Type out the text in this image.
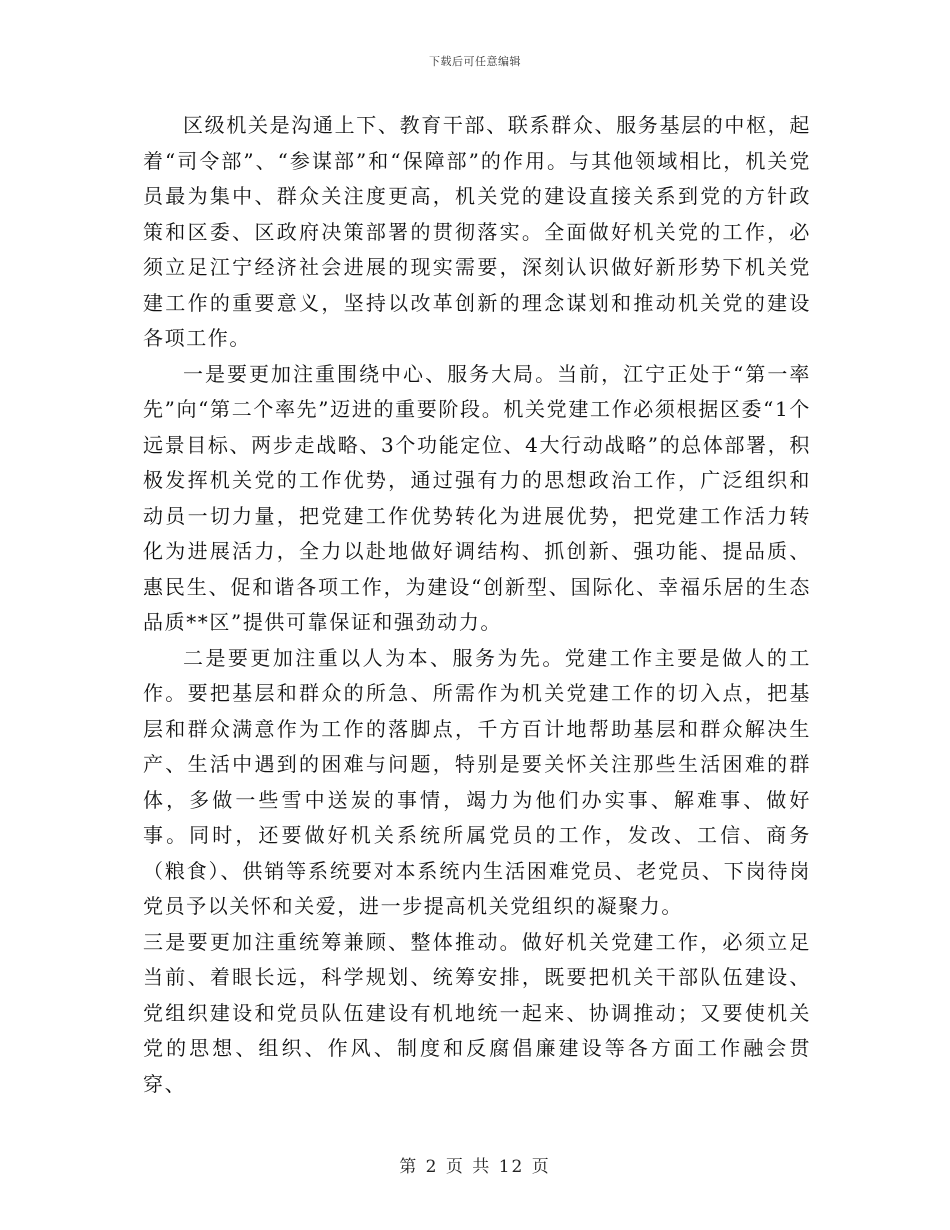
下载后可任意编辑

区级机关是沟通上下、教育干部、联系群众、服务基层的中枢，起着“司令部”、“参谋部”和“保障部”的作用。与其他领域相比，机关党员最为集中、群众关注度更高，机关党的建设直接关系到党的方针政策和区委、区政府决策部署的贯彻落实。全面做好机关党的工作，必须立足江宁经济社会进展的现实需要，深刻认识做好新形势下机关党建工作的重要意义，坚持以改革创新的理念谋划和推动机关党的建设各项工作。

一是要更加注重围绕中心、服务大局。当前，江宁正处于“第一率先”向“第二个率先”迈进的重要阶段。机关党建工作必须根据区委“1个远景目标、两步走战略、3个功能定位、4大行动战略”的总体部署，积极发挥机关党的工作优势，通过强有力的思想政治工作，广泛组织和动员一切力量，把党建工作优势转化为进展优势，把党建工作活力转化为进展活力，全力以赴地做好调结构、抓创新、强功能、提品质、惠民生、促和谐各项工作，为建设“创新型、国际化、幸福乐居的生态品质**区”提供可靠保证和强劲动力。

二是要更加注重以人为本、服务为先。党建工作主要是做人的工作。要把基层和群众的所急、所需作为机关党建工作的切入点，把基层和群众满意作为工作的落脚点，千方百计地帮助基层和群众解决生产、生活中遇到的困难与问题，特别是要关怀关注那些生活困难的群体，多做一些雪中送炭的事情，竭力为他们办实事、解难事、做好事。同时，还要做好机关系统所属党员的工作，发改、工信、商务（粮食）、供销等系统要对本系统内生活困难党员、老党员、下岗待岗党员予以关怀和关爱，进一步提高机关党组织的凝聚力。

三是要更加注重统筹兼顾、整体推动。做好机关党建工作，必须立足当前、着眼长远，科学规划、统筹安排，既要把机关干部队伍建设、党组织建设和党员队伍建设有机地统一起来、协调推动；又要使机关党的思想、组织、作风、制度和反腐倡廉建设等各方面工作融会贯穿、

第 2 页 共 12 页
